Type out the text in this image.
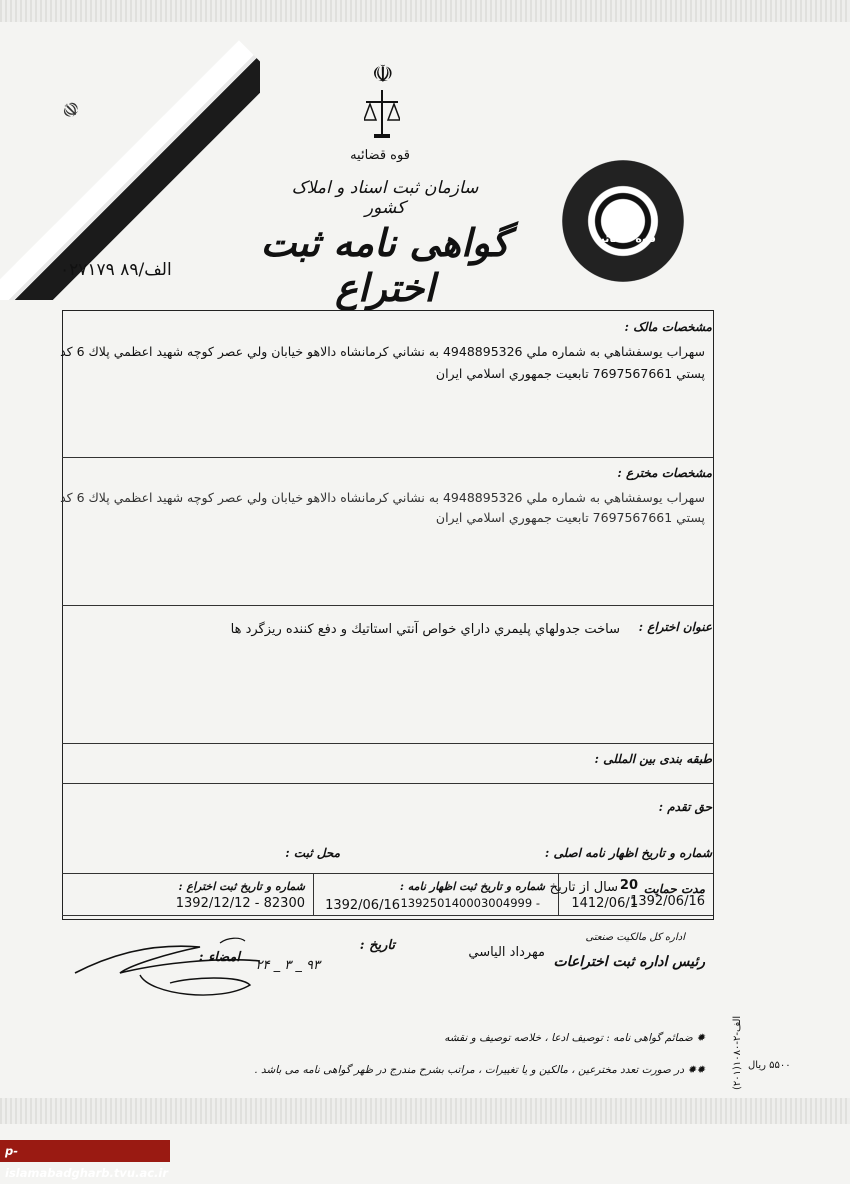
☫
☫
قوه قضائیه
سازمان ثبت اسناد و املاک کشور
گواهی نامه ثبت اختراع
الف/۸۹ ۰۲۷۱۷۹
قوه قضائیه
مشخصات مالک :
سهراب يوسفشاهي به شماره ملي 4948895326 به نشاني كرمانشاه دالاهو خيابان ولي عصر كوچه شهيد اعظمي پلاك 6 كد
پستي 7697567661 تابعيت جمهوري اسلامي ايران
مشخصات مخترع :
سهراب يوسفشاهي به شماره ملي 4948895326 به نشاني كرمانشاه دالاهو خيابان ولي عصر كوچه شهيد اعظمي پلاك 6 كد
پستي 7697567661 تابعيت جمهوري اسلامي ايران
عنوان اختراع :
ساخت جدولهاي پليمري داراي خواص آنتي استاتيك و دفع كننده ريزگرد ها
طبقه بندی بین المللی :
حق تقدم :
شماره و تاریخ اظهار نامه اصلی :
محل ثبت :
مدت حمایت
20
سال از تاريخ
1392/06/16
1412/06/1
شماره و تاریخ ثبت اظهار نامه :
139250140003004999 -
1392/06/16
شماره و تاریخ ثبت اختراع :
1392/12/12 - 82300
اداره کل مالکیت صنعتی
رئیس اداره ثبت اختراعات
مهرداد الياسي
تاریخ :
۹۳ _ ۳ _ ۲۴
امضاء :
✹ ضمائم گواهی نامه : توصیف ادعا ، خلاصه توصیف و نقشه
✹✹ در صورت تعدد مخترعین ، مالکین و یا تغییرات ، مراتب بشرح مندرج در ظهر گواهی نامه می باشد .	۵۵۰۰ ریال
(۲۰۱)الف-۲-۱۰۸۰
p-islamabadgharb.tvu.ac.ir
